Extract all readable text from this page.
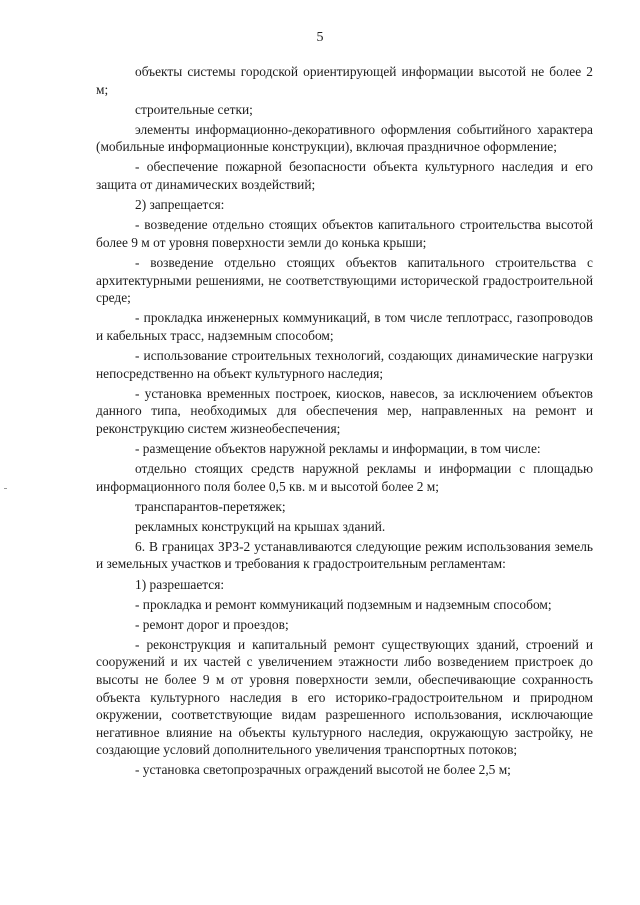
5

объекты системы городской ориентирующей информации высотой не более 2 м;

строительные сетки;

элементы информационно-декоративного оформления событийного характера (мобильные информационные конструкции), включая праздничное оформление;

- обеспечение пожарной безопасности объекта культурного наследия и его защита от динамических воздействий;

2) запрещается:

- возведение отдельно стоящих объектов капитального строительства высотой более 9 м от уровня поверхности земли до конька крыши;

- возведение отдельно стоящих объектов капитального строительства с архитектурными решениями, не соответствующими исторической градостроительной среде;

- прокладка инженерных коммуникаций, в том числе теплотрасс, газопроводов и кабельных трасс, надземным способом;

- использование строительных технологий, создающих динамические нагрузки непосредственно на объект культурного наследия;

- установка временных построек, киосков, навесов, за исключением объектов данного типа, необходимых для обеспечения мер, направленных на ремонт и реконструкцию систем жизнеобеспечения;

- размещение объектов наружной рекламы и информации, в том числе:

отдельно стоящих средств наружной рекламы и информации с площадью информационного поля более 0,5 кв. м и высотой более 2 м;

транспарантов-перетяжек;

рекламных конструкций на крышах зданий.

6. В границах ЗРЗ-2 устанавливаются следующие режим использования земель и земельных участков и требования к градостроительным регламентам:

1) разрешается:

- прокладка и ремонт коммуникаций подземным и надземным способом;

- ремонт дорог и проездов;

- реконструкция и капитальный ремонт существующих зданий, строений и сооружений и их частей с увеличением этажности либо возведением пристроек до высоты не более 9 м от уровня поверхности земли, обеспечивающие сохранность объекта культурного наследия в его историко-градостроительном и природном окружении, соответствующие видам разрешенного использования, исключающие негативное влияние на объекты культурного наследия, окружающую застройку, не создающие условий дополнительного увеличения транспортных потоков;

- установка светопрозрачных ограждений высотой не более 2,5 м;
